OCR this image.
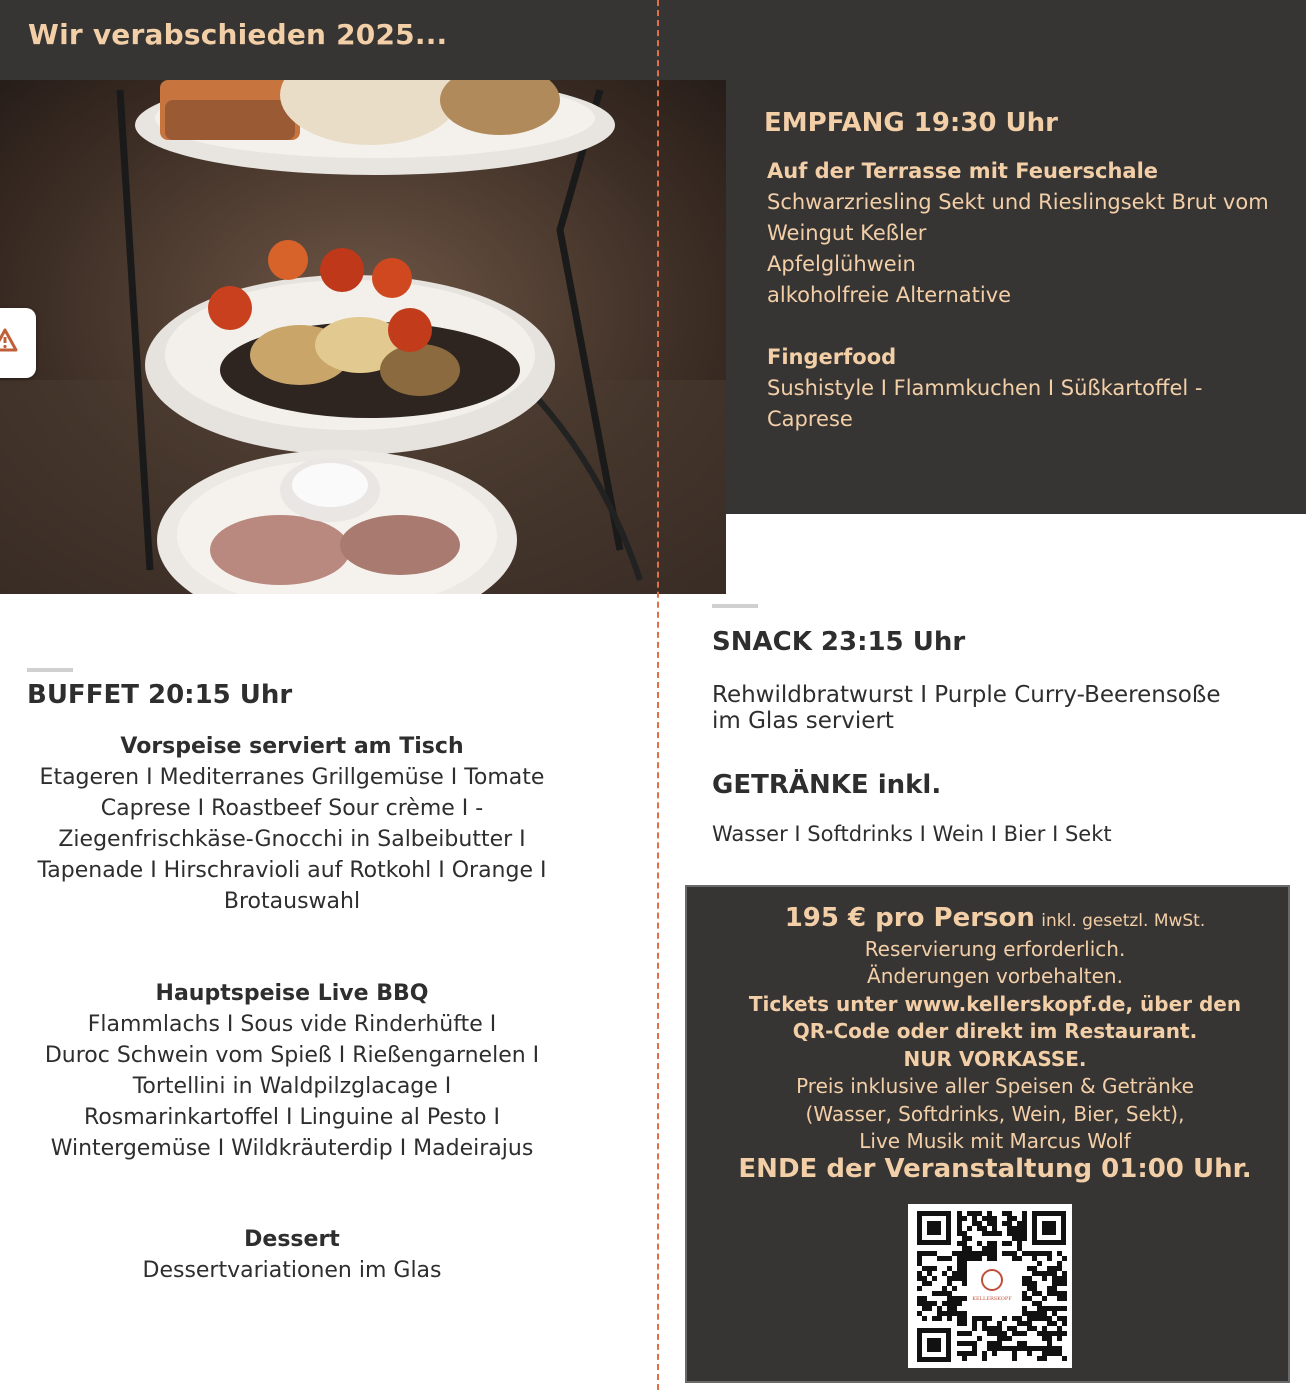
Wir verabschieden 2025...
EMPFANG 19:30 Uhr
Auf der Terrasse mit Feuerschale
Schwarzriesling Sekt und Rieslingsekt Brut vom
Weingut Keßler
Apfelglühwein
alkoholfreie Alternative
Fingerfood
Sushistyle I Flammkuchen I Süßkartoffel -
Caprese
BUFFET 20:15 Uhr
Vorspeise serviert am Tisch
Etageren I Mediterranes Grillgemüse I Tomate
Caprese I Roastbeef Sour crème I -
Ziegenfrischkäse-Gnocchi in Salbeibutter I
Tapenade I Hirschravioli auf Rotkohl I Orange I
Brotauswahl
Hauptspeise Live BBQ
Flammlachs I Sous vide Rinderhüfte I
Duroc Schwein vom Spieß I Rießengarnelen I
Tortellini in Waldpilzglacage I
Rosmarinkartoffel I Linguine al Pesto I
Wintergemüse I Wildkräuterdip I Madeirajus
Dessert
Dessertvariationen im Glas
SNACK 23:15 Uhr
Rehwildbratwurst I Purple Curry-Beerensoße
im Glas serviert
GETRÄNKE inkl.
Wasser I Softdrinks I Wein I Bier I Sekt
195 € pro Person inkl. gesetzl. MwSt.
Reservierung erforderlich.
Änderungen vorbehalten.
Tickets unter www.kellerskopf.de, über den
QR-Code oder direkt im Restaurant.
NUR VORKASSE.
Preis inklusive aller Speisen & Getränke
(Wasser, Softdrinks, Wein, Bier, Sekt),
Live Musik mit Marcus Wolf
ENDE der Veranstaltung 01:00 Uhr.
KELLERSKOPF
